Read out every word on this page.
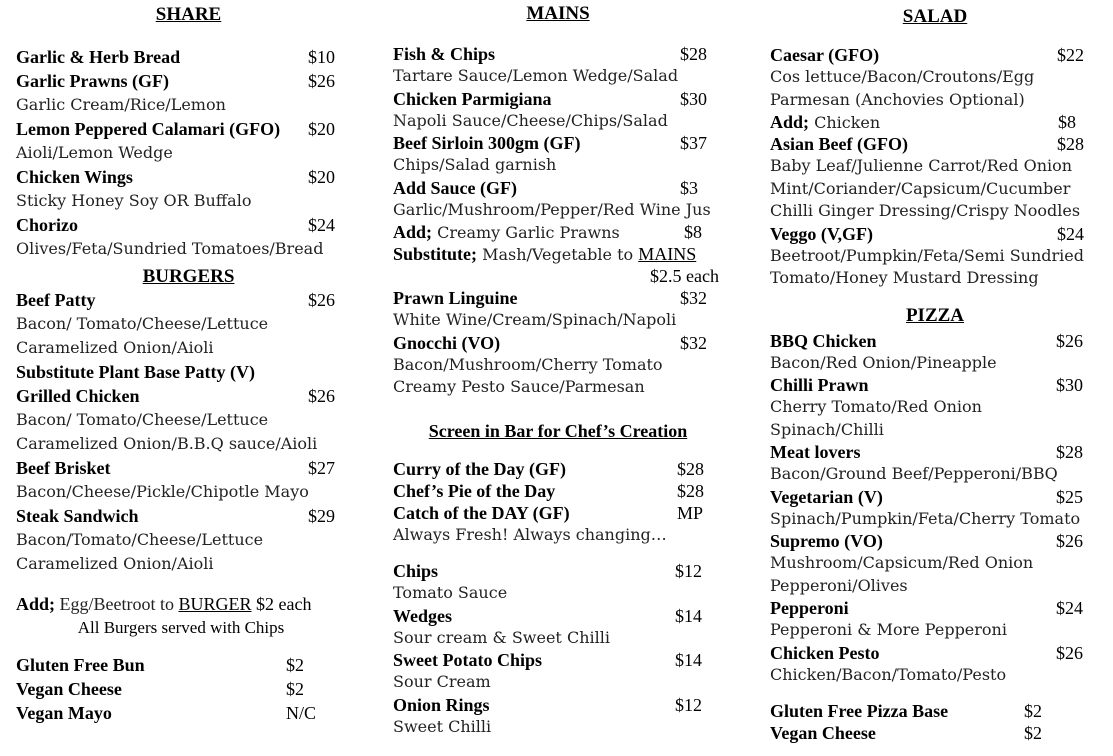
SHARE
Garlic & Herb Bread	$10
Garlic Prawns (GF)	$26
Garlic Cream/Rice/Lemon
Lemon Peppered Calamari (GFO) $20
Aioli/Lemon Wedge
Chicken Wings	$20
Sticky Honey Soy OR Buffalo
Chorizo	$24
Olives/Feta/Sundried Tomatoes/Bread
BURGERS
Beef Patty	$26
Bacon/ Tomato/Cheese/Lettuce
Caramelized Onion/Aioli
Substitute Plant Base Patty (V)
Grilled Chicken	$26
Bacon/ Tomato/Cheese/Lettuce
Caramelized Onion/B.B.Q sauce/Aioli
Beef Brisket	$27
Bacon/Cheese/Pickle/Chipotle Mayo
Steak Sandwich	$29
Bacon/Tomato/Cheese/Lettuce
Caramelized Onion/Aioli
Add; Egg/Beetroot to BURGER $2 each
All Burgers served with Chips
Gluten Free Bun	$2
Vegan Cheese	$2
Vegan Mayo	N/C
MAINS
Fish & Chips	$28
Tartare Sauce/Lemon Wedge/Salad
Chicken Parmigiana	$30
Napoli Sauce/Cheese/Chips/Salad
Beef Sirloin 300gm (GF)	$37
Chips/Salad garnish
Add Sauce (GF)	$3
Garlic/Mushroom/Pepper/Red Wine Jus
Add; Creamy Garlic Prawns	$8
Substitute; Mash/Vegetable to MAINS
$2.5 each
Prawn Linguine	$32
White Wine/Cream/Spinach/Napoli
Gnocchi (VO)	$32
Bacon/Mushroom/Cherry Tomato
Creamy Pesto Sauce/Parmesan
Screen in Bar for Chef’s Creation
Curry of the Day (GF)	$28
Chef’s Pie of the Day	$28
Catch of the DAY (GF)	MP
Always Fresh! Always changing…
Chips	$12
Tomato Sauce
Wedges	$14
Sour cream & Sweet Chilli
Sweet Potato Chips	$14
Sour Cream
Onion Rings	$12
Sweet Chilli
SALAD
Caesar (GFO)	$22
Cos lettuce/Bacon/Croutons/Egg
Parmesan (Anchovies Optional)
Add; Chicken	$8
Asian Beef (GFO)	$28
Baby Leaf/Julienne Carrot/Red Onion
Mint/Coriander/Capsicum/Cucumber
Chilli Ginger Dressing/Crispy Noodles
Veggo (V,GF)	$24
Beetroot/Pumpkin/Feta/Semi Sundried
Tomato/Honey Mustard Dressing
PIZZA
BBQ Chicken	$26
Bacon/Red Onion/Pineapple
Chilli Prawn	$30
Cherry Tomato/Red Onion
Spinach/Chilli
Meat lovers	$28
Bacon/Ground Beef/Pepperoni/BBQ
Vegetarian (V)	$25
Spinach/Pumpkin/Feta/Cherry Tomato
Supremo (VO)	$26
Mushroom/Capsicum/Red Onion
Pepperoni/Olives
Pepperoni	$24
Pepperoni & More Pepperoni
Chicken Pesto	$26
Chicken/Bacon/Tomato/Pesto
Gluten Free Pizza Base	$2
Vegan Cheese	$2
